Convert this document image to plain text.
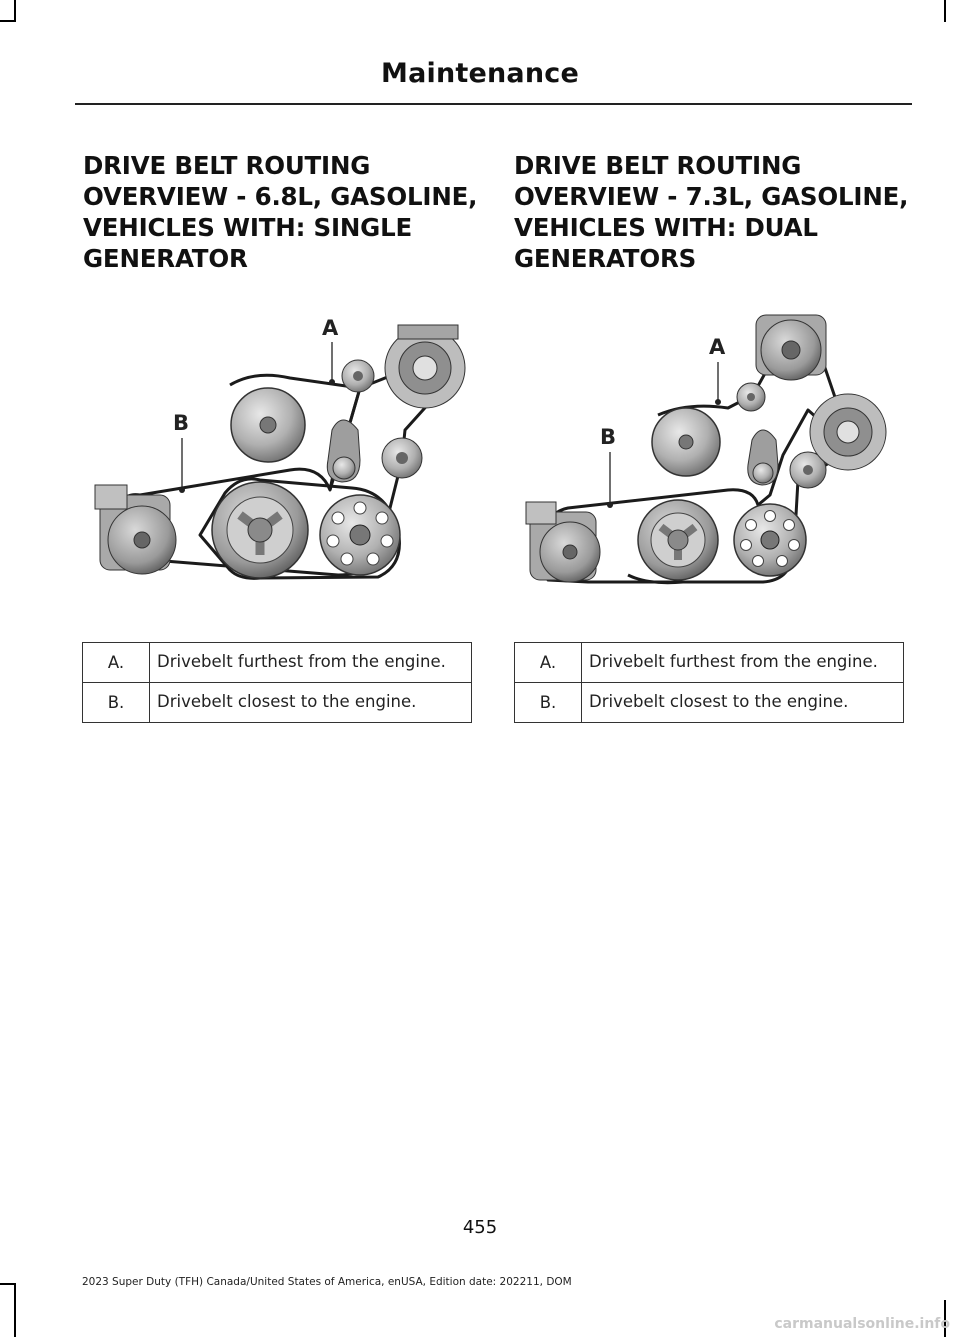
Maintenance
DRIVE BELT ROUTING OVERVIEW - 6.8L, GASOLINE, VEHICLES WITH: SINGLE GENERATOR
A
B
A.	Drivebelt furthest from the engine.
B.	Drivebelt closest to the engine.
DRIVE BELT ROUTING OVERVIEW - 7.3L, GASOLINE, VEHICLES WITH: DUAL GENERATORS
A
B
A.	Drivebelt furthest from the engine.
B.	Drivebelt closest to the engine.
455
2023 Super Duty (TFH) Canada/United States of America, enUSA, Edition date: 202211, DOM
carmanualsonline.info
